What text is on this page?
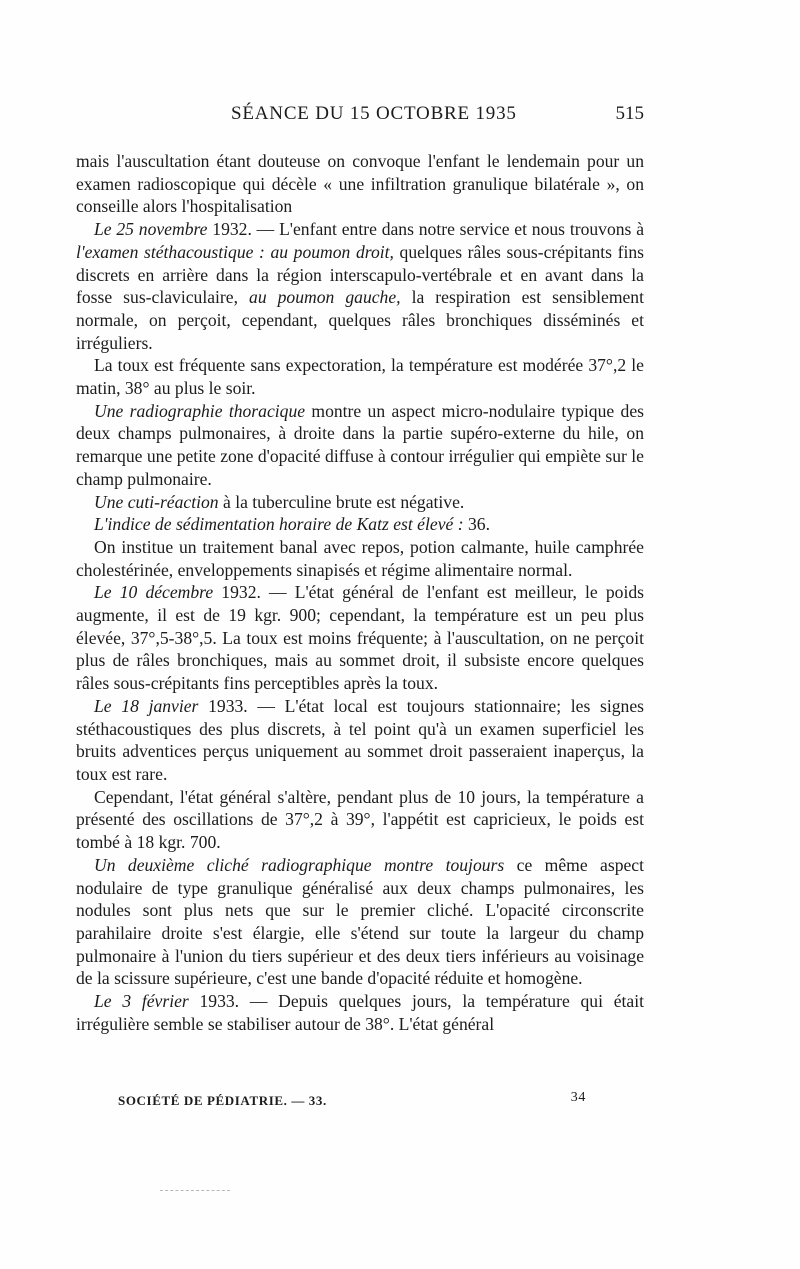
SÉANCE DU 15 OCTOBRE 1935	515

mais l'auscultation étant douteuse on convoque l'enfant le lendemain pour un examen radioscopique qui décèle « une infiltration granulique bilatérale », on conseille alors l'hospitalisation

Le 25 novembre 1932. — L'enfant entre dans notre service et nous trouvons à l'examen stéthacoustique : au poumon droit, quelques râles sous-crépitants fins discrets en arrière dans la région interscapulo-vertébrale et en avant dans la fosse sus-claviculaire, au poumon gauche, la respiration est sensiblement normale, on perçoit, cependant, quelques râles bronchiques disséminés et irréguliers.

La toux est fréquente sans expectoration, la température est modérée 37°,2 le matin, 38° au plus le soir.

Une radiographie thoracique montre un aspect micro-nodulaire typique des deux champs pulmonaires, à droite dans la partie supéro-externe du hile, on remarque une petite zone d'opacité diffuse à contour irrégulier qui empiète sur le champ pulmonaire.

Une cuti-réaction à la tuberculine brute est négative.

L'indice de sédimentation horaire de Katz est élevé : 36.

On institue un traitement banal avec repos, potion calmante, huile camphrée cholestérinée, enveloppements sinapisés et régime alimentaire normal.

Le 10 décembre 1932. — L'état général de l'enfant est meilleur, le poids augmente, il est de 19 kgr. 900; cependant, la température est un peu plus élevée, 37°,5-38°,5. La toux est moins fréquente; à l'auscultation, on ne perçoit plus de râles bronchiques, mais au sommet droit, il subsiste encore quelques râles sous-crépitants fins perceptibles après la toux.

Le 18 janvier 1933. — L'état local est toujours stationnaire; les signes stéthacoustiques des plus discrets, à tel point qu'à un examen superficiel les bruits adventices perçus uniquement au sommet droit passeraient inaperçus, la toux est rare.

Cependant, l'état général s'altère, pendant plus de 10 jours, la température a présenté des oscillations de 37°,2 à 39°, l'appétit est capricieux, le poids est tombé à 18 kgr. 700.

Un deuxième cliché radiographique montre toujours ce même aspect nodulaire de type granulique généralisé aux deux champs pulmonaires, les nodules sont plus nets que sur le premier cliché. L'opacité circonscrite parahilaire droite s'est élargie, elle s'étend sur toute la largeur du champ pulmonaire à l'union du tiers supérieur et des deux tiers inférieurs au voisinage de la scissure supérieure, c'est une bande d'opacité réduite et homogène.

Le 3 février 1933. — Depuis quelques jours, la température qui était irrégulière semble se stabiliser autour de 38°. L'état général

SOCIÉTÉ DE PÉDIATRIE. — 33.	34
